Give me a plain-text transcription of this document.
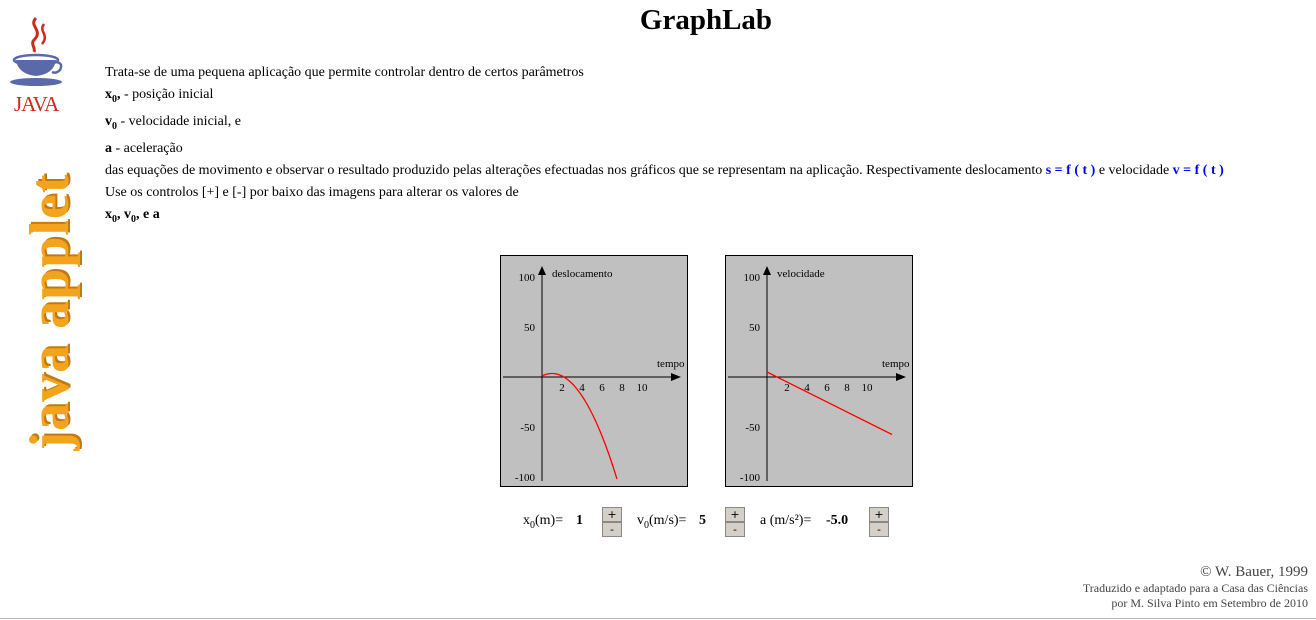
JAVA
java applet
GraphLab

Trata-se de uma pequena aplicação que permite controlar dentro de certos parâmetros

$x_0$, - posição inicial

$v_0$ - velocidade inicial, e

a - aceleração

das equações de movimento e observar o resultado produzido pelas alterações efectuadas nos gráficos que se representam na aplicação. Respectivamente deslocamento s = f ( t ) e velocidade v = f ( t )

Use os controlos [+] e [-] por baixo das imagens para alterar os valores de

$x_0$, $v_0$, e a

deslocamento
tempo
100
50
-50
-100
2 4 6 8 10
velocidade
tempo
100
50
-50
-100
2 4 6 8 10
$x_0(m)= 1$	+
-
$v_0(m/s)= 5$	+
-
a (m/s²)= -5.0	+
-
© W. Bauer, 1999
Traduzido e adaptado para a Casa das Ciências
por M. Silva Pinto em Setembro de 2010
